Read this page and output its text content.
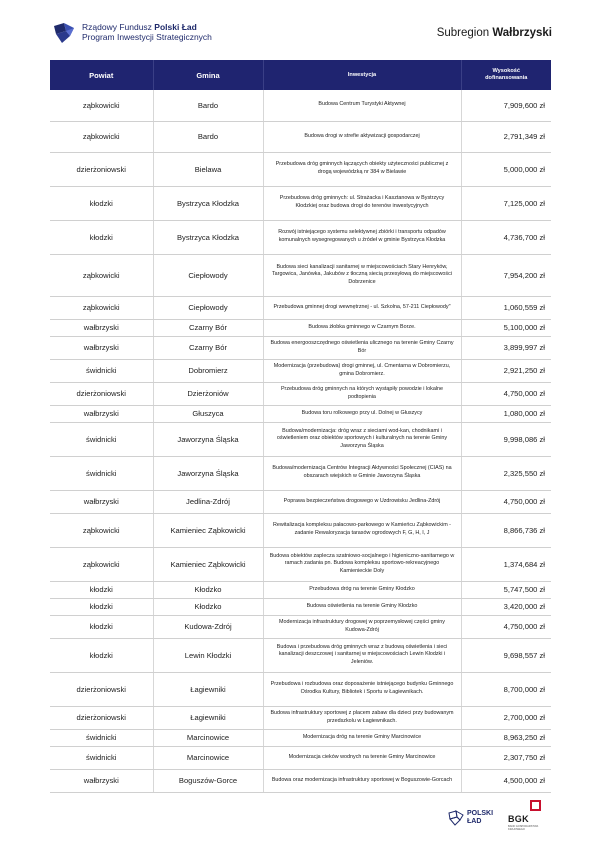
Rządowy Fundusz Polski Ład
Program Inwestycji Strategicznych	Subregion Wałbrzyski
Powiat	Gmina	Inwestycja	Wysokość
dofinansowania

ząbkowicki	Bardo	Budowa Centrum Turystyki Aktywnej	7,909,600 zł
ząbkowicki	Bardo	Budowa drogi w strefie aktywizacji gospodarczej	2,791,349 zł
dzierżoniowski	Bielawa	Przebudowa dróg gminnych łączących obiekty użyteczności publicznej z drogą wojewódzką nr 384 w Bielawie	5,000,000 zł
kłodzki	Bystrzyca Kłodzka	Przebudowa dróg gminnych: ul. Strażacka i Kasztanowa w Bystrzycy Kłodzkiej oraz budowa drogi do terenów inwestycyjnych	7,125,000 zł
kłodzki	Bystrzyca Kłodzka	Rozwój istniejącego systemu selektywnej zbiórki i transportu odpadów komunalnych wysegregowanych u źródeł w gminie Bystrzyca Kłodzka	4,736,700 zł
ząbkowicki	Ciepłowody	Budowa sieci kanalizacji sanitarnej w miejscowościach Stary Henryków, Targowica, Janówka, Jakubów z tłoczną siecią przesyłową do miejscowości Dobrzenice	7,954,200 zł
ząbkowicki	Ciepłowody	Przebudowa gminnej drogi wewnętrznej - ul. Szkolna, 57-211 Ciepłowody"	1,060,559 zł
wałbrzyski	Czarny Bór	Budowa żłobka gminnego w Czarnym Borze.	5,100,000 zł
wałbrzyski	Czarny Bór	Budowa energooszczędnego oświetlenia ulicznego na terenie Gminy Czarny Bór	3,899,997 zł
świdnicki	Dobromierz	Modernizacja (przebudowa) drogi gminnej, ul. Cmentarna w Dobromierzu, gmina Dobromierz.	2,921,250 zł
dzierżoniowski	Dzierżoniów	Przebudowa dróg gminnych na których wystąpiły powodzie i lokalne podtopienia	4,750,000 zł
wałbrzyski	Głuszyca	Budowa toru rolkowego przy ul. Dolnej w Głuszycy	1,080,000 zł
świdnicki	Jaworzyna Śląska	Budowa/modernizacja: dróg wraz z sieciami wod-kan, chodnikami i oświetleniem oraz obiektów sportowych i kulturalnych na terenie Gminy Jaworzyna Śląska	9,998,086 zł
świdnicki	Jaworzyna Śląska	Budowa/modernizacja Centrów Integracji Aktywności Społecznej (CIAS) na obszarach wiejskich w Gminie Jaworzyna Śląska	2,325,550 zł
wałbrzyski	Jedlina-Zdrój	Poprawa bezpieczeństwa drogowego w Uzdrowisku Jedlina-Zdrój	4,750,000 zł
ząbkowicki	Kamieniec Ząbkowicki	Rewitalizacja kompleksu pałacowo-parkowego w Kamieńcu Ząbkowickim - zadanie Rewaloryzacja tarasów ogrodowych F, G, H, I, J	8,866,736 zł
ząbkowicki	Kamieniec Ząbkowicki	Budowa obiektów zaplecza szatniowo-socjalnego i higieniczno-sanitarnego w ramach zadania pn. Budowa kompleksu sportowo-rekreacyjnego Kamienieckie Doły	1,374,684 zł
kłodzki	Kłodzko	Przebudowa dróg na terenie Gminy Kłodzko	5,747,500 zł
kłodzki	Kłodzko	Budowa oświetlenia na terenie Gminy Kłodzko	3,420,000 zł
kłodzki	Kudowa-Zdrój	Modernizacja infrastruktury drogowej w poprzemysłowej części gminy Kudowa-Zdrój	4,750,000 zł
kłodzki	Lewin Kłodzki	Budowa i przebudowa dróg gminnych wraz z budową oświetlenia i sieci kanalizacji deszczowej i sanitarnej w miejscowościach Lewin Kłodzki i Jeleniów.	9,698,557 zł
dzierżoniowski	Łagiewniki	Przebudowa i rozbudowa oraz doposażenie istniejącego budynku Gminnego Ośrodka Kultury, Bibliotek i Sportu w Łagiewnikach.	8,700,000 zł
dzierżoniowski	Łagiewniki	Budowa infrastruktury sportowej z placem zabaw dla dzieci przy budowanym przedszkolu w Łagiewnikach.	2,700,000 zł
świdnicki	Marcinowice	Modernizacja dróg na terenie Gminy Marcinowice	8,963,250 zł
świdnicki	Marcinowice	Modernizacja cieków wodnych na terenie Gminy Marcinowice	2,307,750 zł
wałbrzyski	Boguszów-Gorce	Budowa oraz modernizacja infrastruktury sportowej w Boguszowie-Gorcach	4,500,000 zł
POLSKI
ŁAD	BGK
BANK GOSPODARSTWA KRAJOWEGO
